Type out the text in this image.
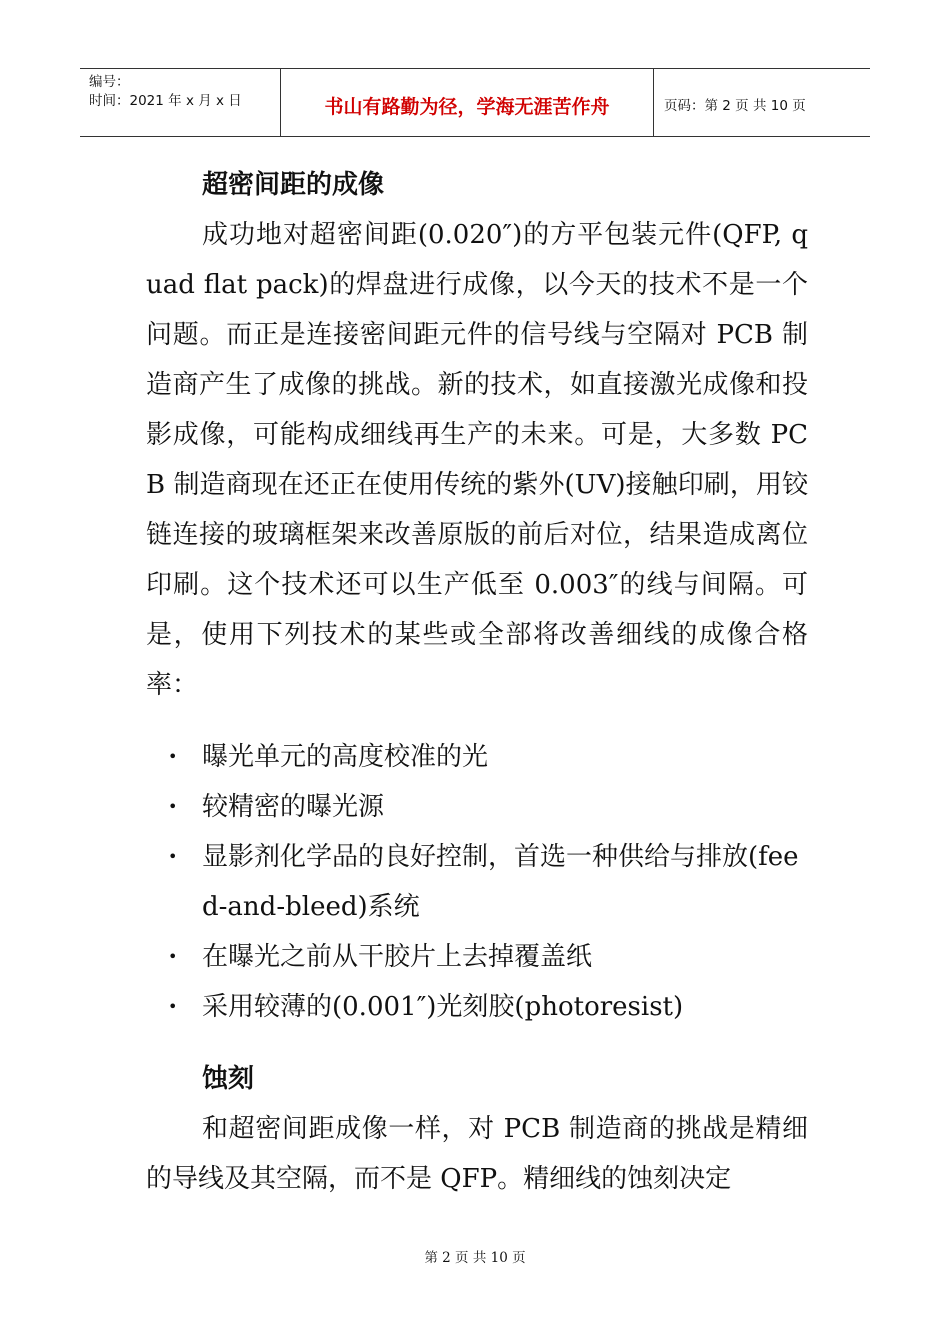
编号：
时间：2021 年 x 月 x 日	书山有路勤为径，学海无涯苦作舟	页码：第 2 页 共 10 页
超密间距的成像

成功地对超密间距(0.020″)的方平包装元件(QFP, quad flat pack)的焊盘进行成像，以今天的技术不是一个问题。而正是连接密间距元件的信号线与空隔对 PCB 制造商产生了成像的挑战。新的技术，如直接激光成像和投影成像，可能构成细线再生产的未来。可是，大多数 PCB 制造商现在还正在使用传统的紫外(UV)接触印刷，用铰链连接的玻璃框架来改善原版的前后对位，结果造成离位印刷。这个技术还可以生产低至 0.003″的线与间隔。可是，使用下列技术的某些或全部将改善细线的成像合格率：

• 曝光单元的高度校准的光
• 较精密的曝光源
• 显影剂化学品的良好控制，首选一种供给与排放(feed-and-bleed)系统
• 在曝光之前从干胶片上去掉覆盖纸
• 采用较薄的(0.001″)光刻胶(photoresist)
蚀刻

和超密间距成像一样，对 PCB 制造商的挑战是精细的导线及其空隔，而不是 QFP。精细线的蚀刻决定

第 2 页 共 10 页
